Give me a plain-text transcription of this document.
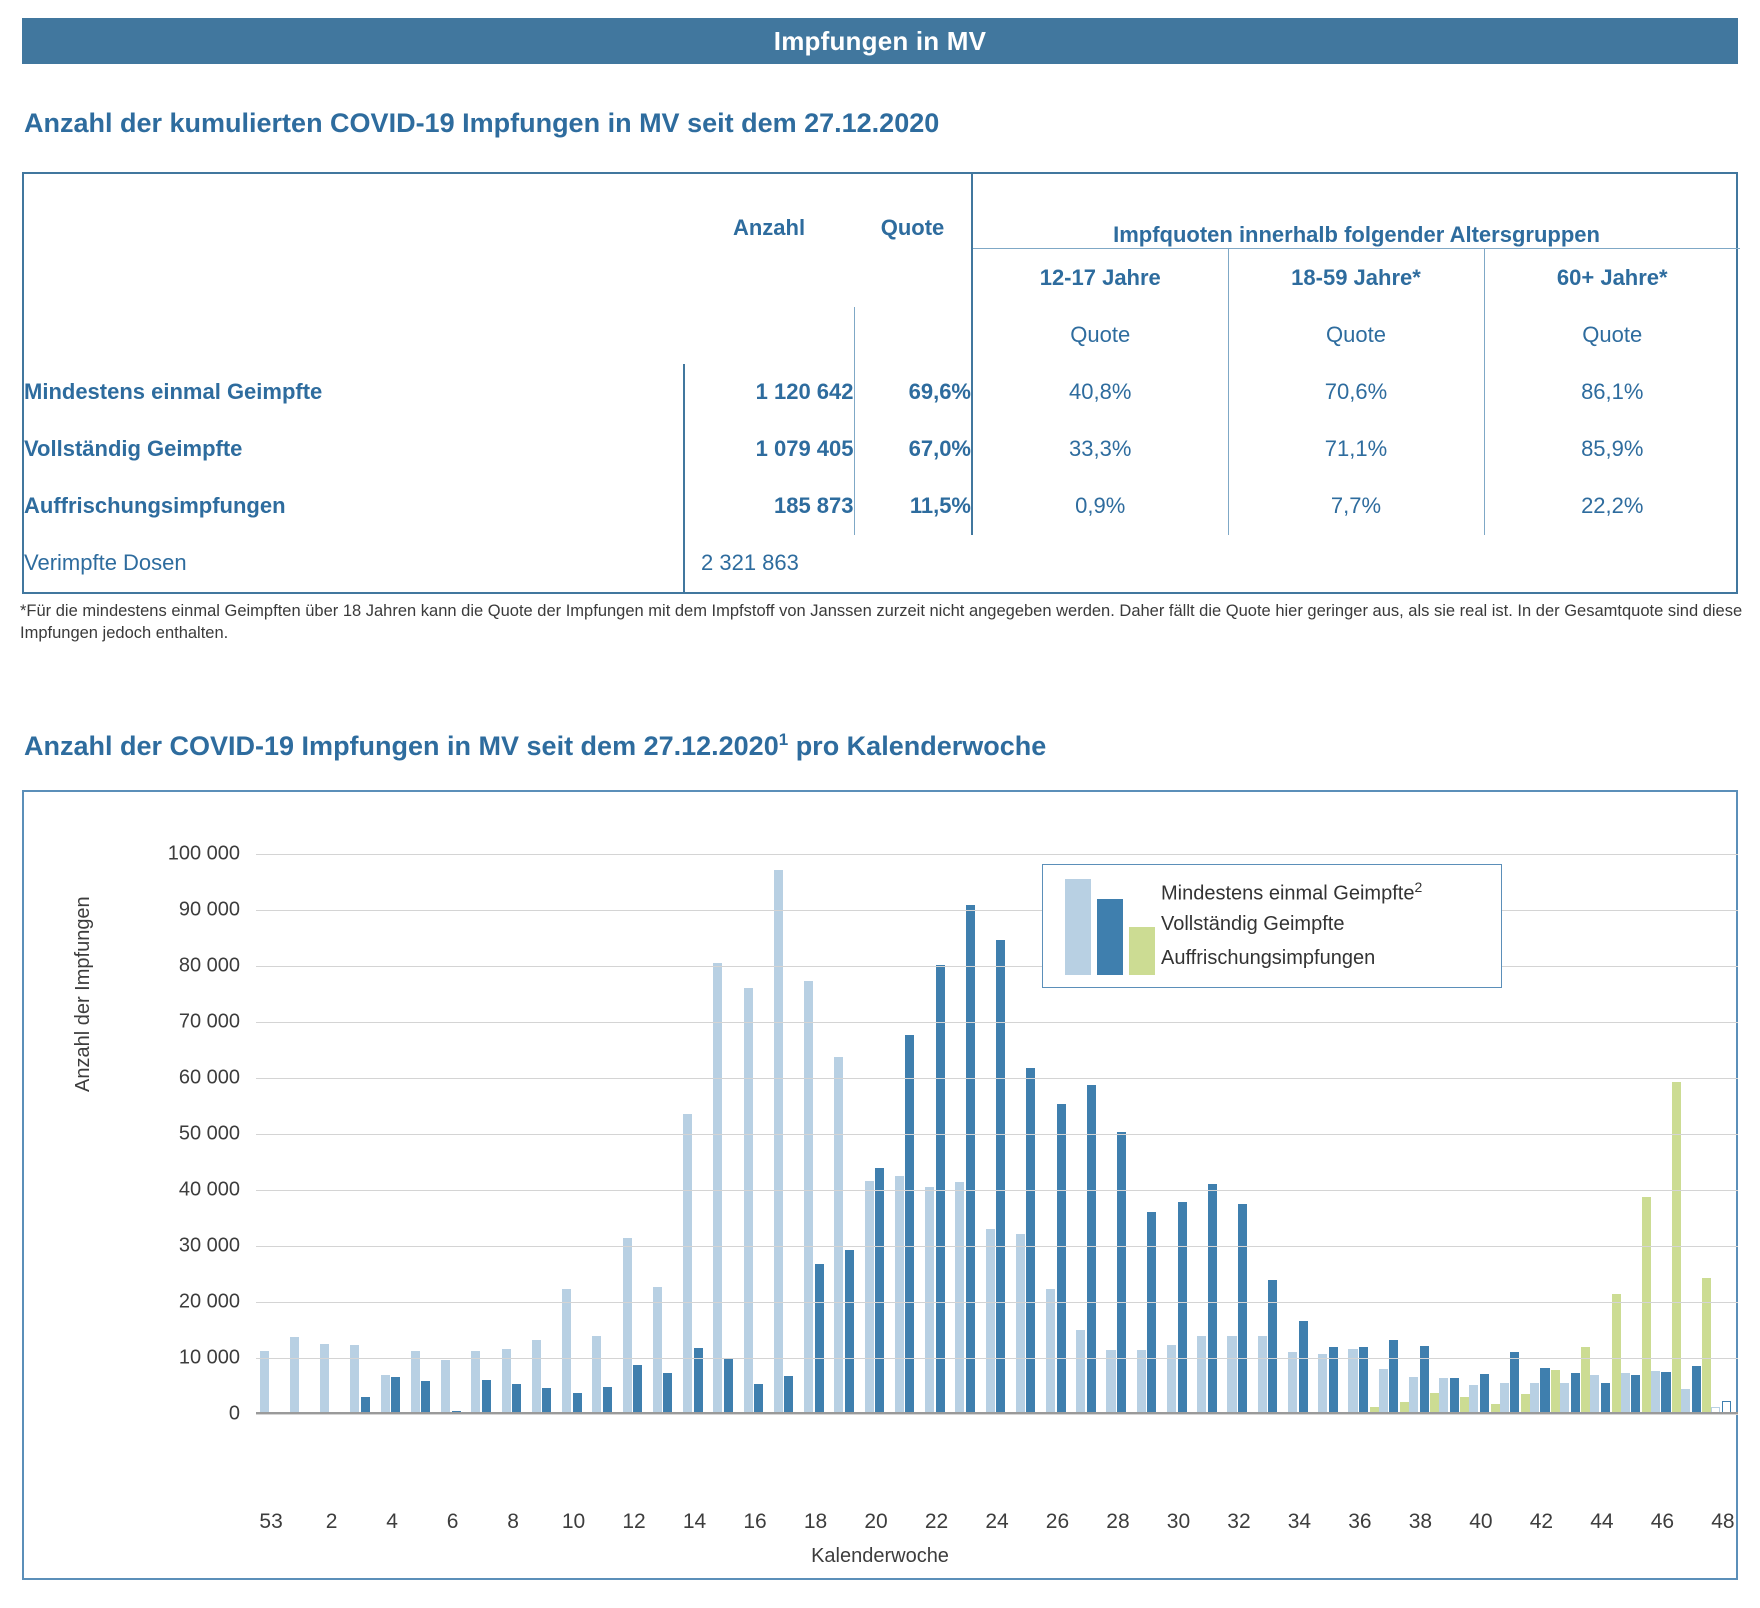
Impfungen in MV
Anzahl der kumulierten COVID-19 Impfungen in MV seit dem 27.12.2020
	Anzahl	Quote	Impfquoten innerhalb folgender Altersgruppen		
			12-17 Jahre	18-59 Jahre*	60+ Jahre*
			Quote	Quote	Quote
Mindestens einmal Geimpfte	1 120 642	69,6%	40,8%	70,6%	86,1%
Vollständig Geimpfte	1 079 405	67,0%	33,3%	71,1%	85,9%
Auffrischungsimpfungen	185 873	11,5%	0,9%	7,7%	22,2%
Verimpfte Dosen	2 321 863				
*Für die mindestens einmal Geimpften über 18 Jahren kann die Quote der Impfungen mit dem Impfstoff von Janssen zurzeit nicht angegeben werden. Daher fällt die Quote hier geringer aus, als sie real ist. In der Gesamtquote sind diese Impfungen jedoch enthalten.
Anzahl der COVID-19 Impfungen in MV seit dem 27.12.2020$^1$ pro Kalenderwoche
Anzahl der Impfungen
0
10 000
20 000
30 000
40 000
50 000
60 000
70 000
80 000
90 000
100 000
53 2 4 6 8 10 12 14 16 18 20 22 24 26 28 30 32 34 36 38 40 42 44 46 48
Kalenderwoche
Mindestens einmal Geimpfte$^2$
Vollständig Geimpfte
Auffrischungsimpfungen
